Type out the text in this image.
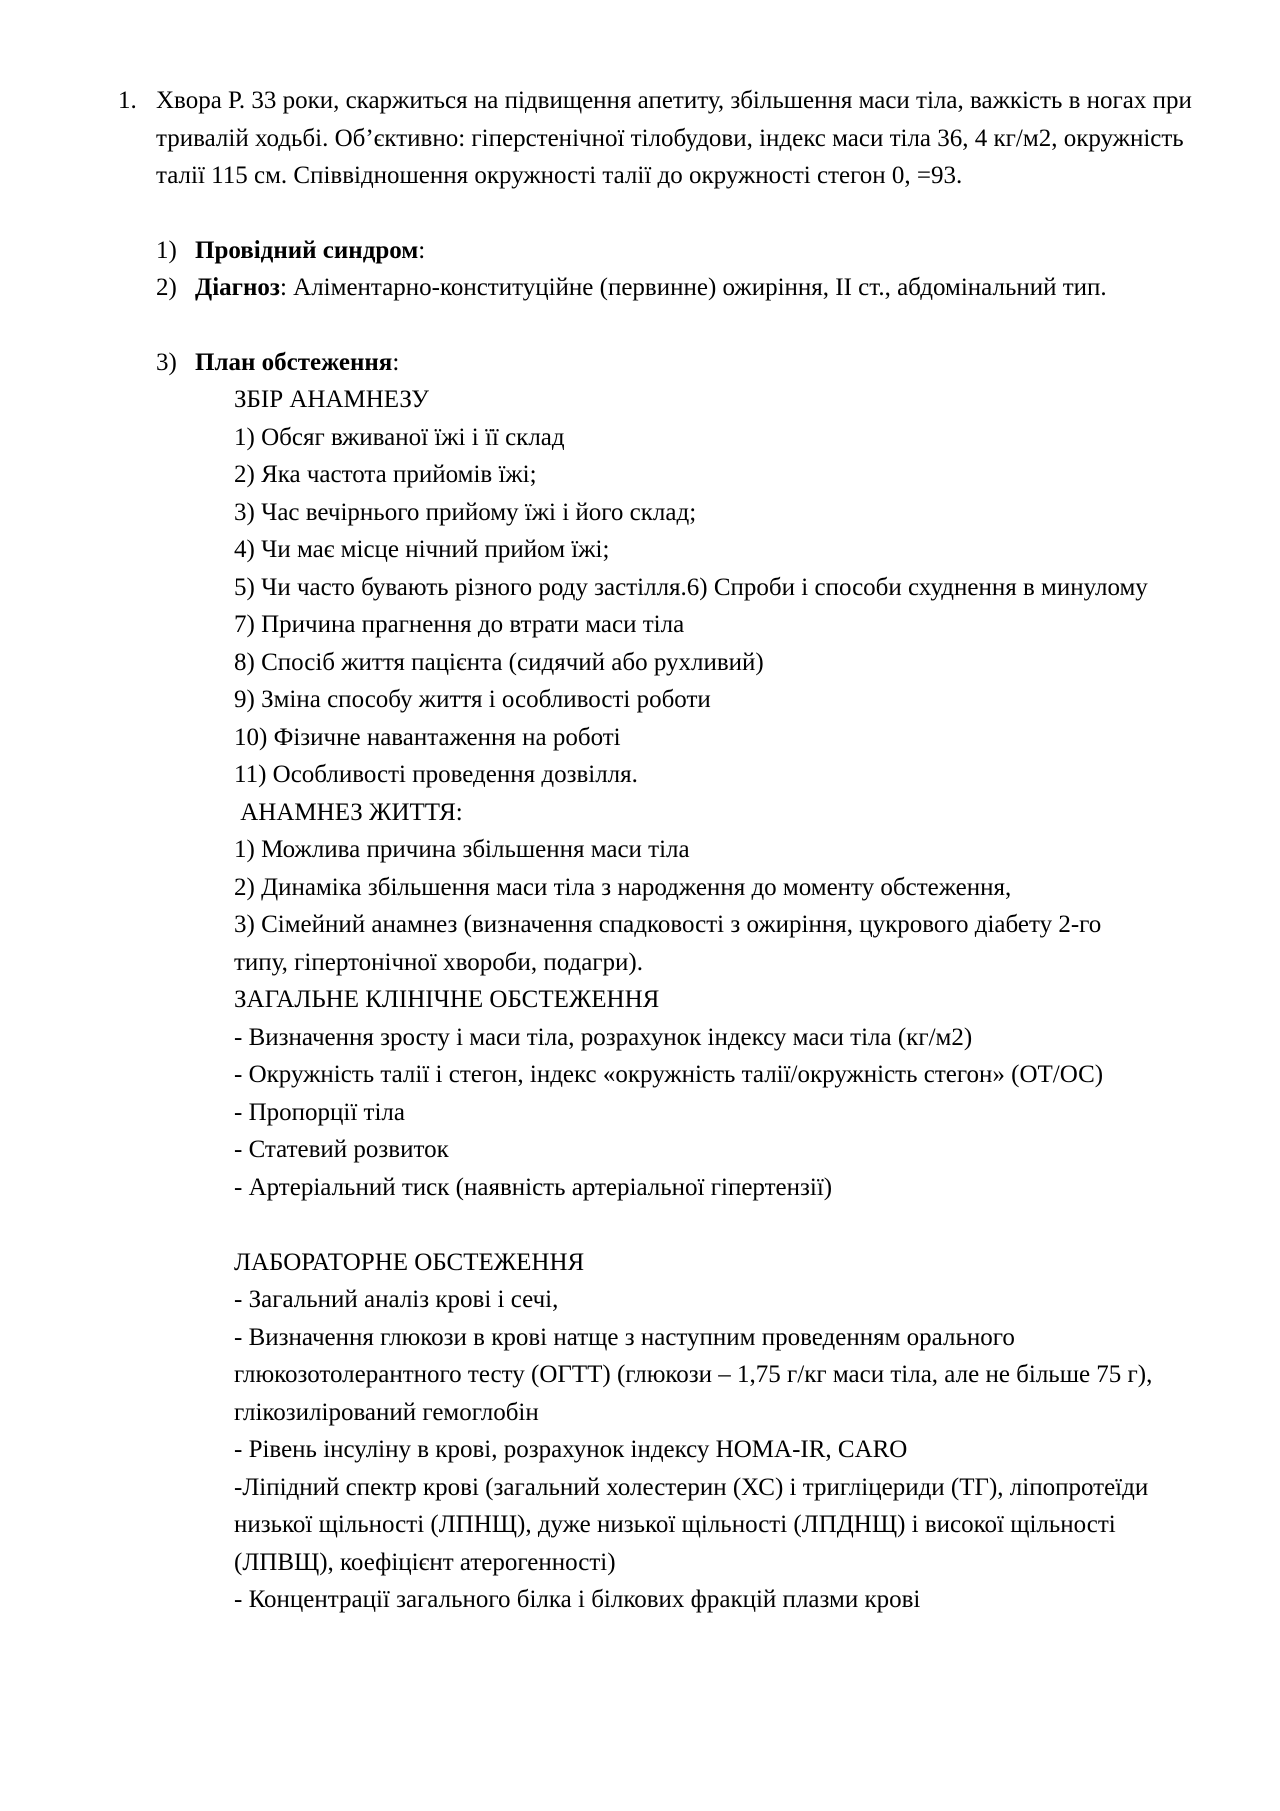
1. Хвора Р. 33 роки, скаржиться на підвищення апетиту, збільшення маси тіла, важкість в ногах при тривалій ходьбі. Об’єктивно: гіперстенічної тілобудови, індекс маси тіла 36, 4 кг/м2, окружність талії 115 см. Співвідношення окружності талії до окружності стегон 0, =93.
1) Провідний синдром:
2) Діагноз: Аліментарно-конституційне (первинне) ожиріння, II ст., абдомінальний тип.
3) План обстеження:
ЗБІР АНАМНЕЗУ
1) Обсяг вживаної їжі і її склад
2) Яка частота прийомів їжі;
3) Час вечірнього прийому їжі і його склад;
4) Чи має місце нічний прийом їжі;
5) Чи часто бувають різного роду застілля.6) Спроби і способи схуднення в минулому
7) Причина прагнення до втрати маси тіла
8) Спосіб життя пацієнта (сидячий або рухливий)
9) Зміна способу життя і особливості роботи
10) Фізичне навантаження на роботі
11) Особливості проведення дозвілля.
АНАМНЕЗ ЖИТТЯ:
1) Можлива причина збільшення маси тіла
2) Динаміка збільшення маси тіла з народження до моменту обстеження,
3) Сімейний анамнез (визначення спадковості з ожиріння, цукрового діабету 2-го
типу, гіпертонічної хвороби, подагри).
ЗАГАЛЬНЕ КЛІНІЧНЕ ОБСТЕЖЕННЯ
- Визначення зросту і маси тіла, розрахунок індексу маси тіла (кг/м2)
- Окружність талії і стегон, індекс «окружність талії/окружність стегон» (ОТ/ОС)
- Пропорції тіла
- Статевий розвиток
- Артеріальний тиск (наявність артеріальної гіпертензії)
ЛАБОРАТОРНЕ ОБСТЕЖЕННЯ
- Загальний аналіз крові і сечі,
- Визначення глюкози в крові натще з наступним проведенням орального глюкозотолерантного тесту (ОГТТ) (глюкози – 1,75 г/кг маси тіла, але не більше 75 г), глікозилірований гемоглобін
- Рівень інсуліну в крові, розрахунок індексу HOMA-IR, CARO
-Ліпідний спектр крові (загальний холестерин (ХС) і тригліцериди (ТГ), ліпопротеїди низької щільності (ЛПНЩ), дуже низької щільності (ЛПДНЩ) і високої щільності (ЛПВЩ), коефіцієнт атерогенності)
- Концентрації загального білка і білкових фракцій плазми крові
